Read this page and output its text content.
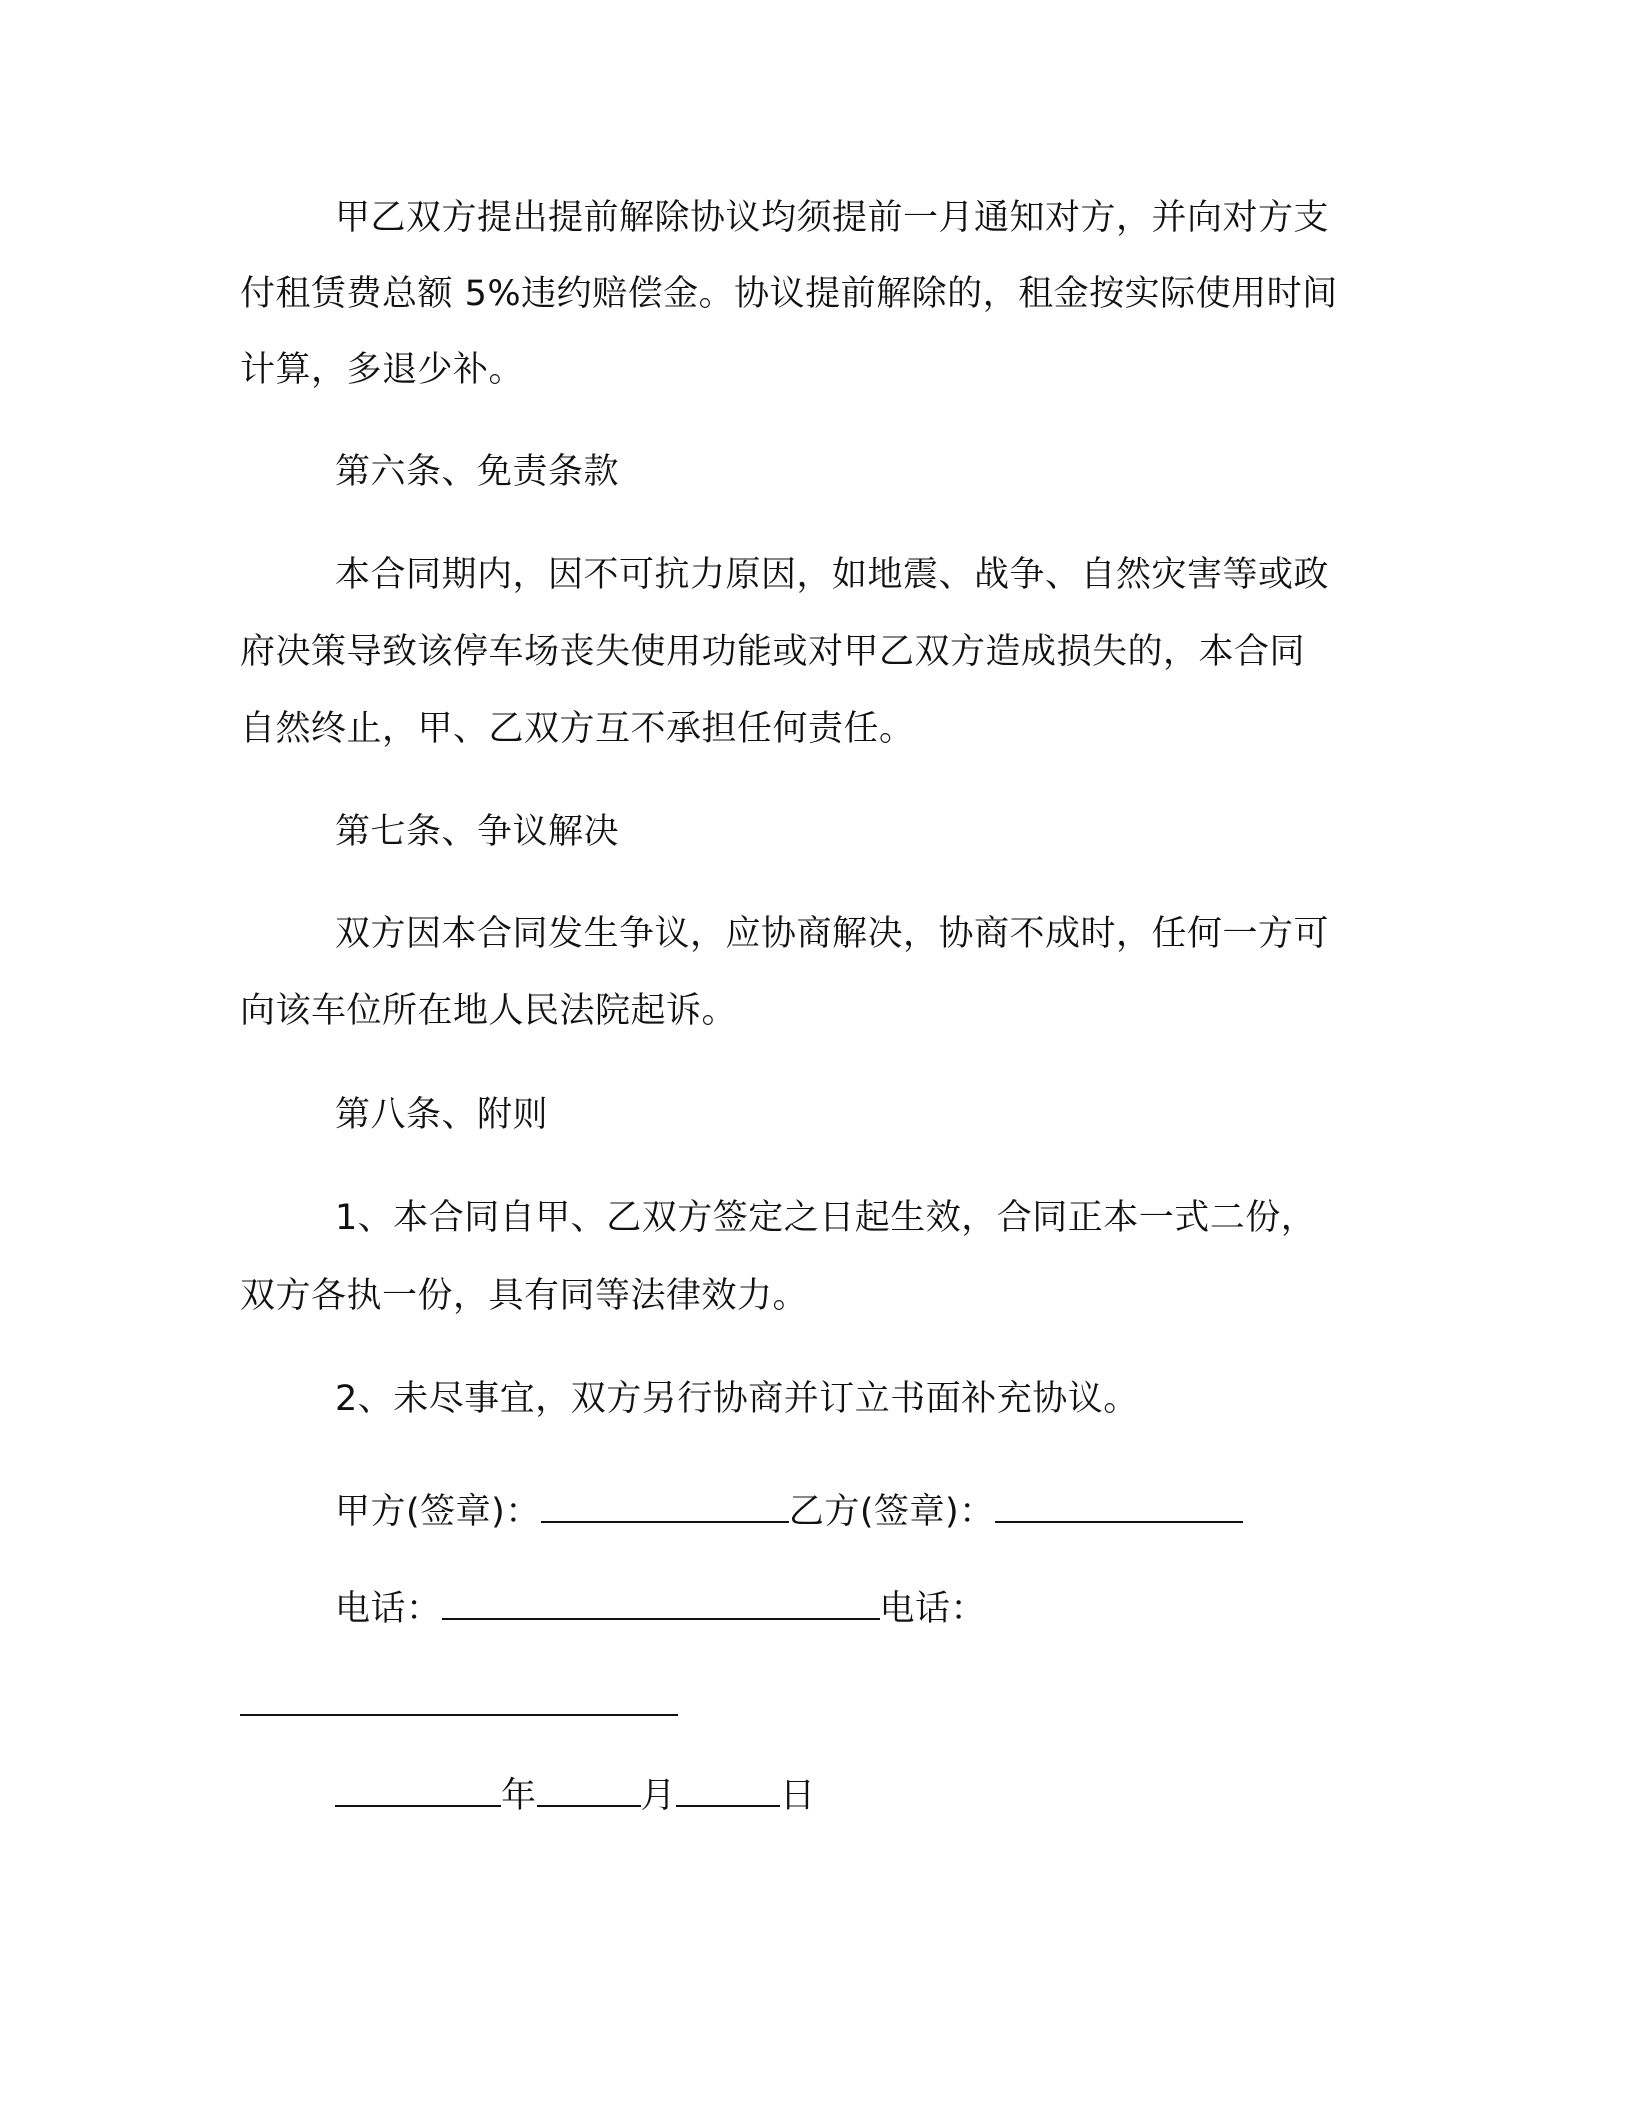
甲乙双方提出提前解除协议均须提前一月通知对方，并向对方支
付租赁费总额 5%违约赔偿金。协议提前解除的，租金按实际使用时间
计算，多退少补。
第六条、免责条款
本合同期内，因不可抗力原因，如地震、战争、自然灾害等或政
府决策导致该停车场丧失使用功能或对甲乙双方造成损失的，本合同
自然终止，甲、乙双方互不承担任何责任。
第七条、争议解决
双方因本合同发生争议，应协商解决，协商不成时，任何一方可
向该车位所在地人民法院起诉。
第八条、附则
1、本合同自甲、乙双方签定之日起生效，合同正本一式二份，
双方各执一份，具有同等法律效力。
2、未尽事宜，双方另行协商并订立书面补充协议。
甲方(签章)：	乙方(签章)：
电话：	电话：
年	月	日
